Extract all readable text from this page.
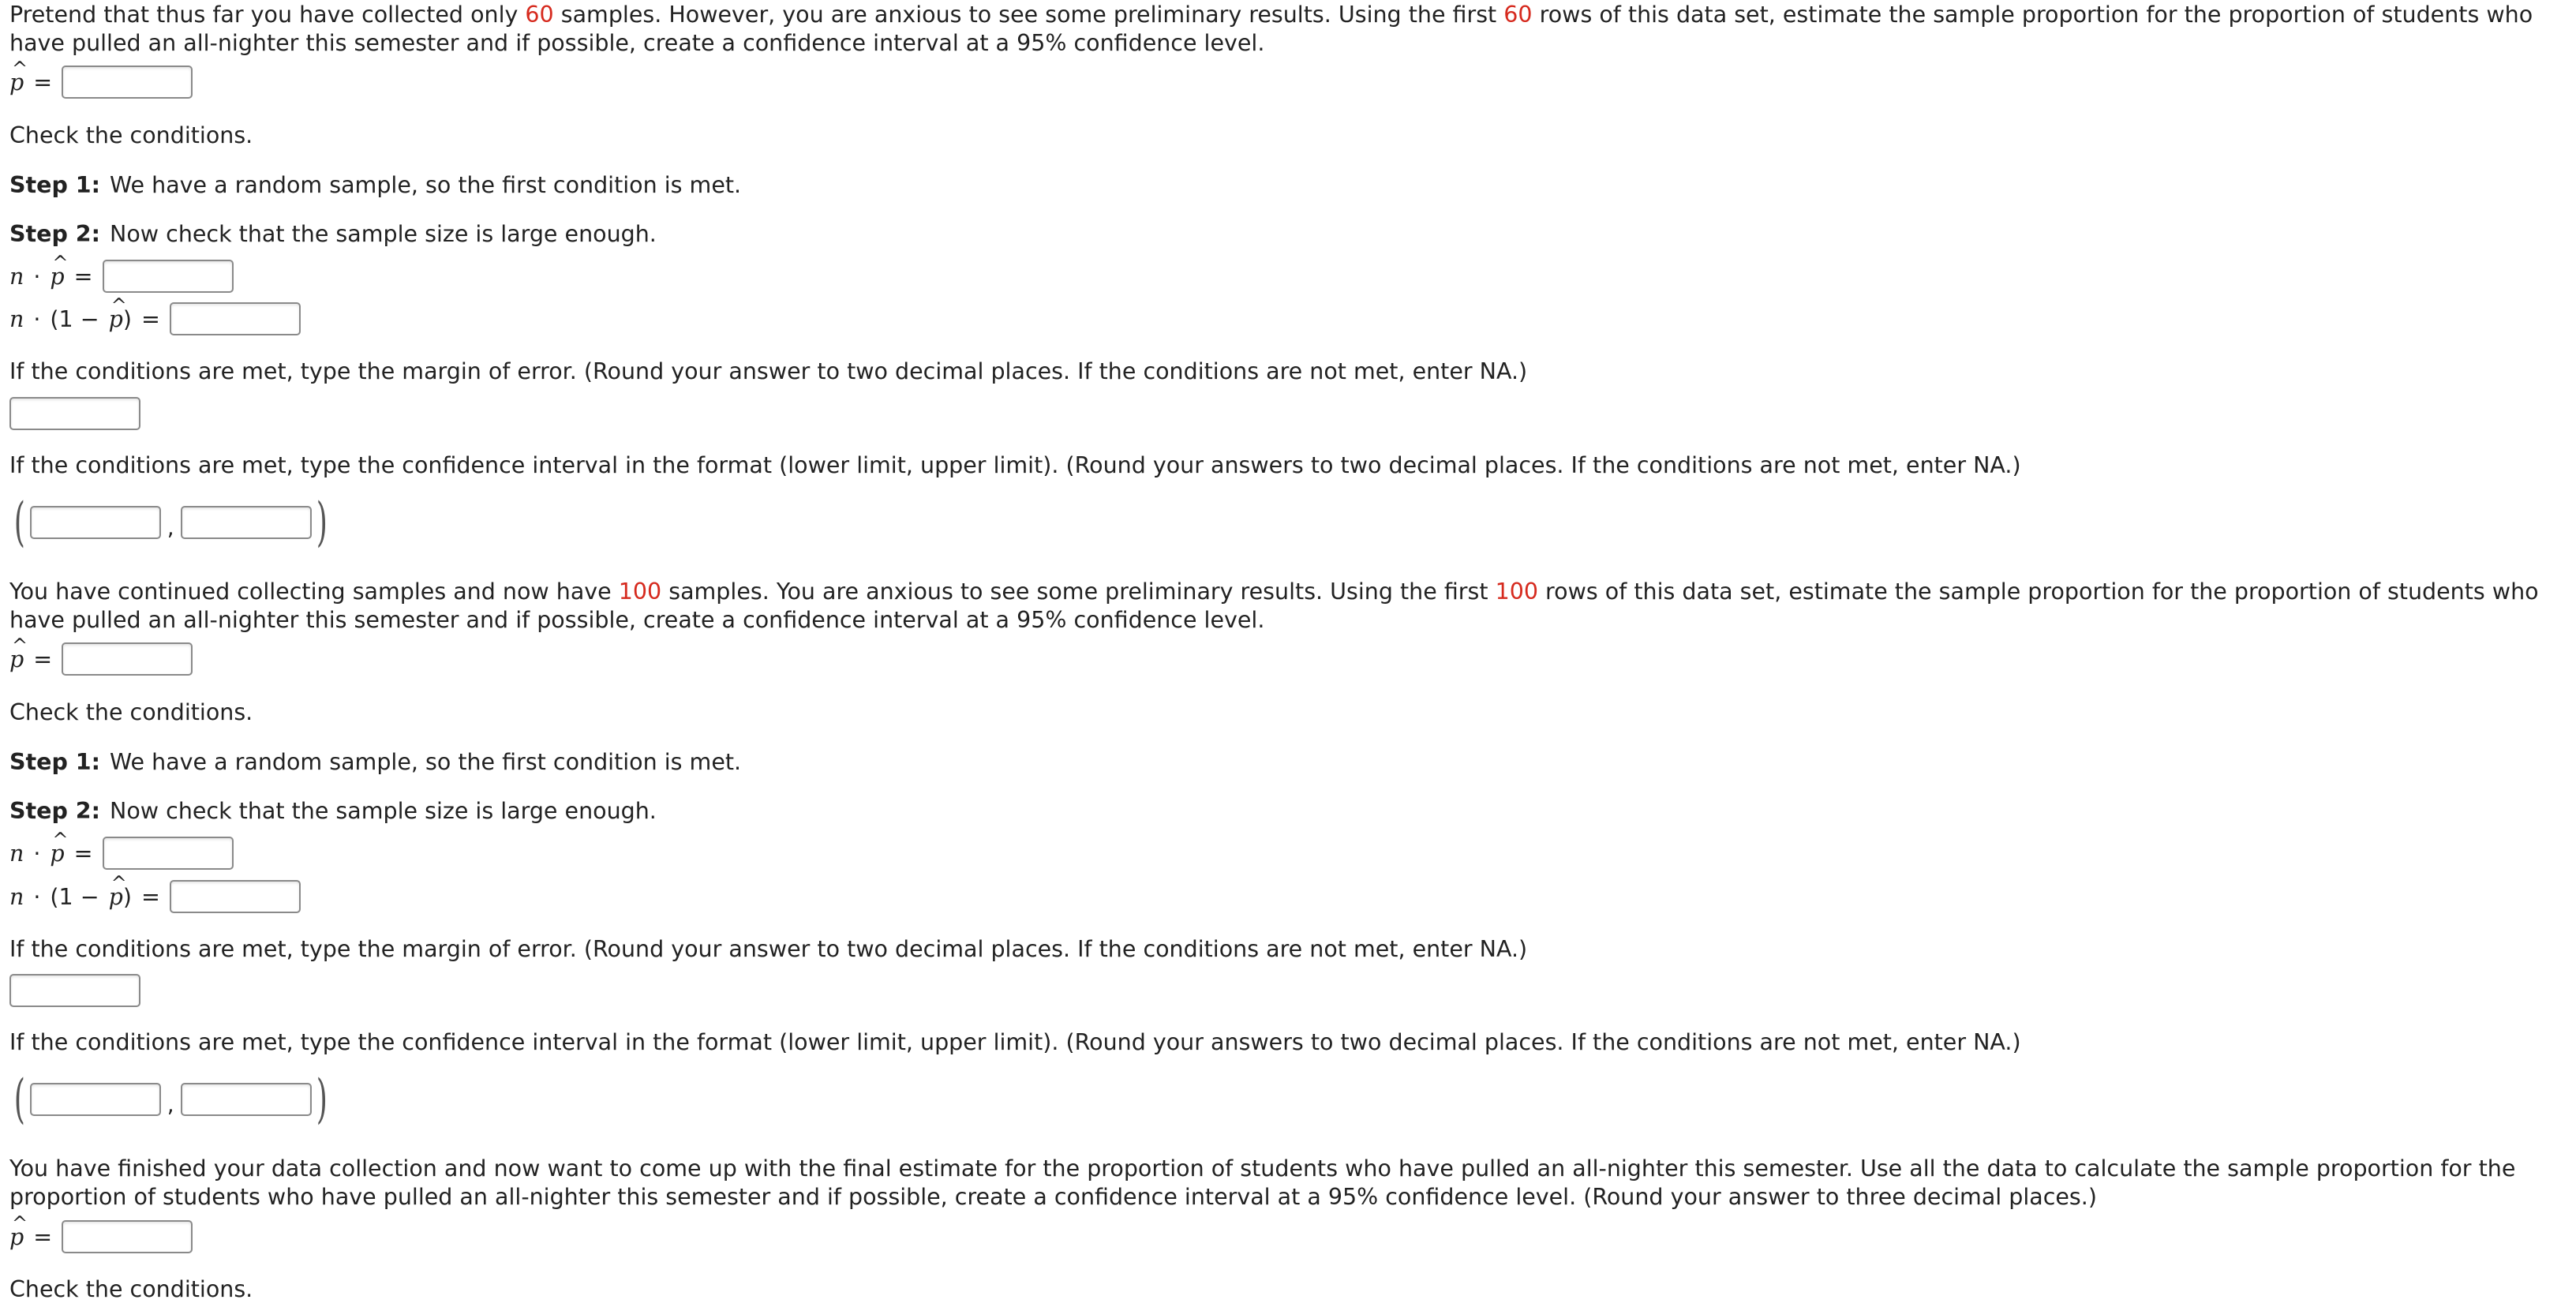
Pretend that thus far you have collected only 60 samples. However, you are anxious to see some preliminary results. Using the first 60 rows of this data set, estimate the sample proportion for the proportion of students who have pulled an all-nighter this semester and if possible, create a confidence interval at a 95% confidence level.

^ p =
Check the conditions.
Step 1: We have a random sample, so the first condition is met.
Step 2: Now check that the sample size is large enough.
n · ^ p =
n · (1 − ^ p ) =
If the conditions are met, type the margin of error. (Round your answer to two decimal places. If the conditions are not met, enter NA.)
If the conditions are met, type the confidence interval in the format (lower limit, upper limit). (Round your answers to two decimal places. If the conditions are not met, enter NA.)
(	,	)

You have continued collecting samples and now have 100 samples. You are anxious to see some preliminary results. Using the first 100 rows of this data set, estimate the sample proportion for the proportion of students who have pulled an all-nighter this semester and if possible, create a confidence interval at a 95% confidence level.

^ p =
Check the conditions.
Step 1: We have a random sample, so the first condition is met.
Step 2: Now check that the sample size is large enough.
n · ^ p =
n · (1 − ^ p ) =
If the conditions are met, type the margin of error. (Round your answer to two decimal places. If the conditions are not met, enter NA.)
If the conditions are met, type the confidence interval in the format (lower limit, upper limit). (Round your answers to two decimal places. If the conditions are not met, enter NA.)
(	,	)

You have finished your data collection and now want to come up with the final estimate for the proportion of students who have pulled an all-nighter this semester. Use all the data to calculate the sample proportion for the proportion of students who have pulled an all-nighter this semester and if possible, create a confidence interval at a 95% confidence level. (Round your answer to three decimal places.)

^ p =
Check the conditions.
